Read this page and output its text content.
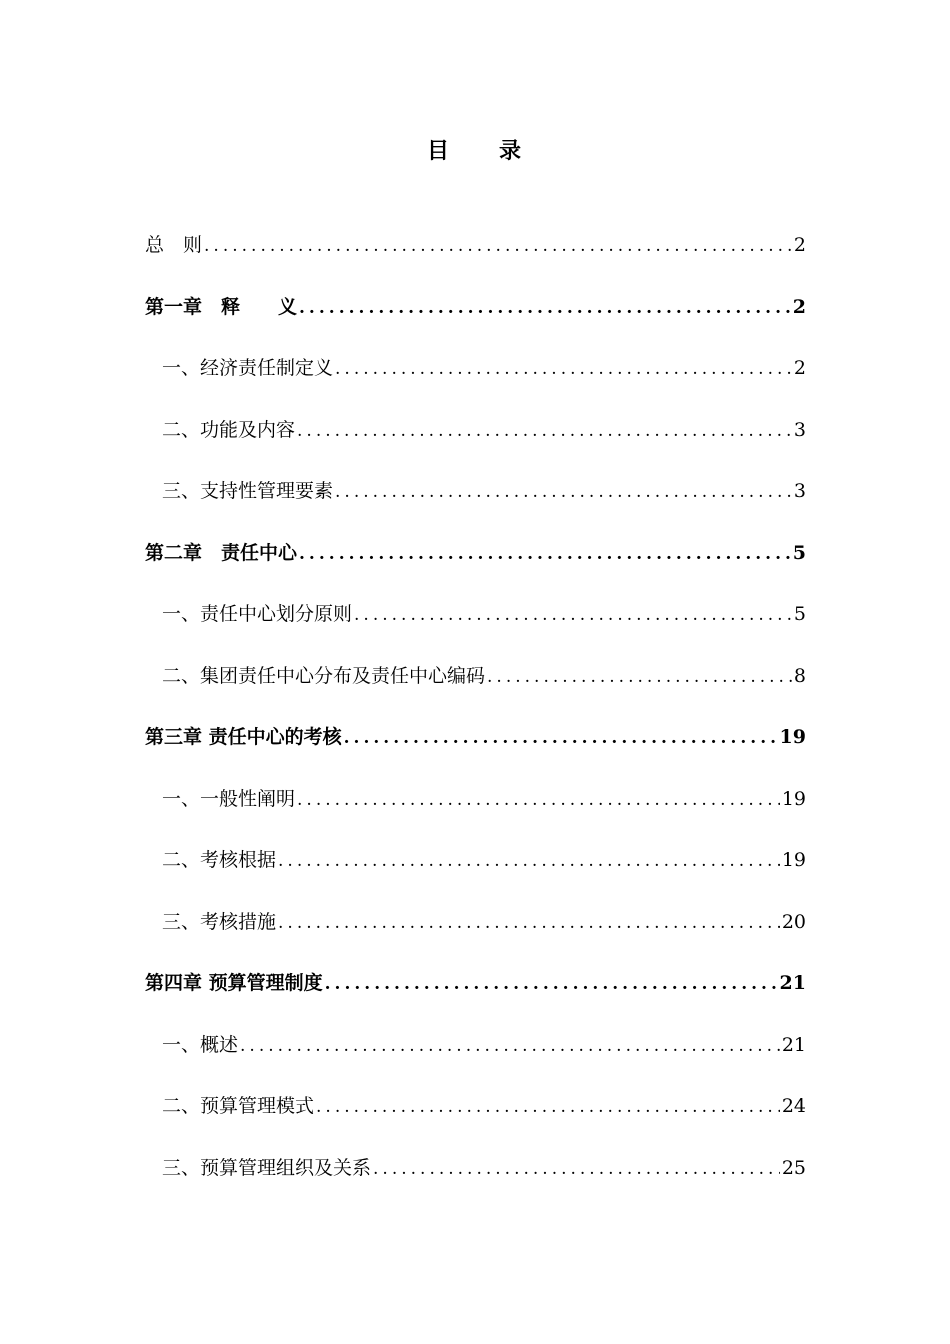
目　　录
总　则 .....	2
第一章　释　　义 .....	2
一、经济责任制定义 .....	2
二、功能及内容 .....	3
三、支持性管理要素 .....	3
第二章　责任中心 .....	5
一、责任中心划分原则 .....	5
二、集团责任中心分布及责任中心编码 .....	8
第三章 责任中心的考核 .....	19
一、一般性阐明 .....	19
二、考核根据 .....	19
三、考核措施 .....	20
第四章 预算管理制度 .....	21
一、概述 .....	21
二、预算管理模式 .....	24
三、预算管理组织及关系 .....	25
